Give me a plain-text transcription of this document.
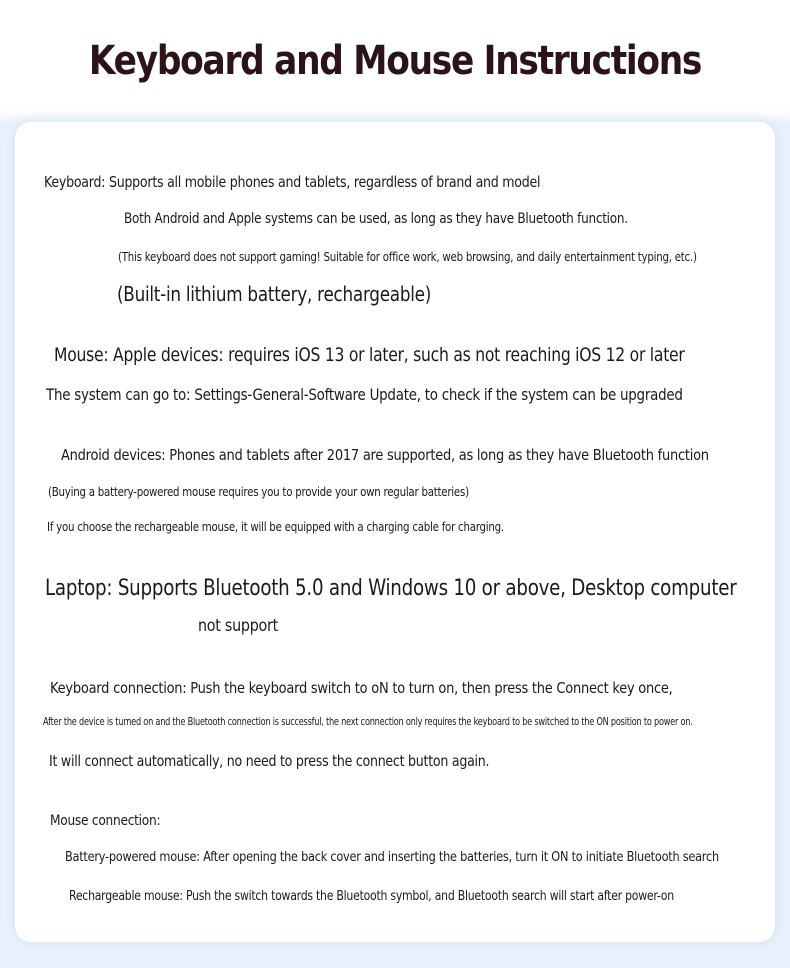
Keyboard and Mouse Instructions
Keyboard: Supports all mobile phones and tablets, regardless of brand and model
Both Android and Apple systems can be used, as long as they have Bluetooth function.
(This keyboard does not support gaming! Suitable for office work, web browsing, and daily entertainment typing, etc.)
(Built-in lithium battery, rechargeable)
Mouse: Apple devices: requires iOS 13 or later, such as not reaching iOS 12 or later
The system can go to: Settings-General-Software Update, to check if the system can be upgraded
Android devices: Phones and tablets after 2017 are supported, as long as they have Bluetooth function
(Buying a battery-powered mouse requires you to provide your own regular batteries)
If you choose the rechargeable mouse, it will be equipped with a charging cable for charging.
Laptop: Supports Bluetooth 5.0 and Windows 10 or above, Desktop computer
not support
Keyboard connection: Push the keyboard switch to oN to turn on, then press the Connect key once,
After the device is turned on and the Bluetooth connection is successful, the next connection only requires the keyboard to be switched to the ON position to power on.
It will connect automatically, no need to press the connect button again.
Mouse connection:
Battery-powered mouse: After opening the back cover and inserting the batteries, turn it ON to initiate Bluetooth search
Rechargeable mouse: Push the switch towards the Bluetooth symbol, and Bluetooth search will start after power-on
